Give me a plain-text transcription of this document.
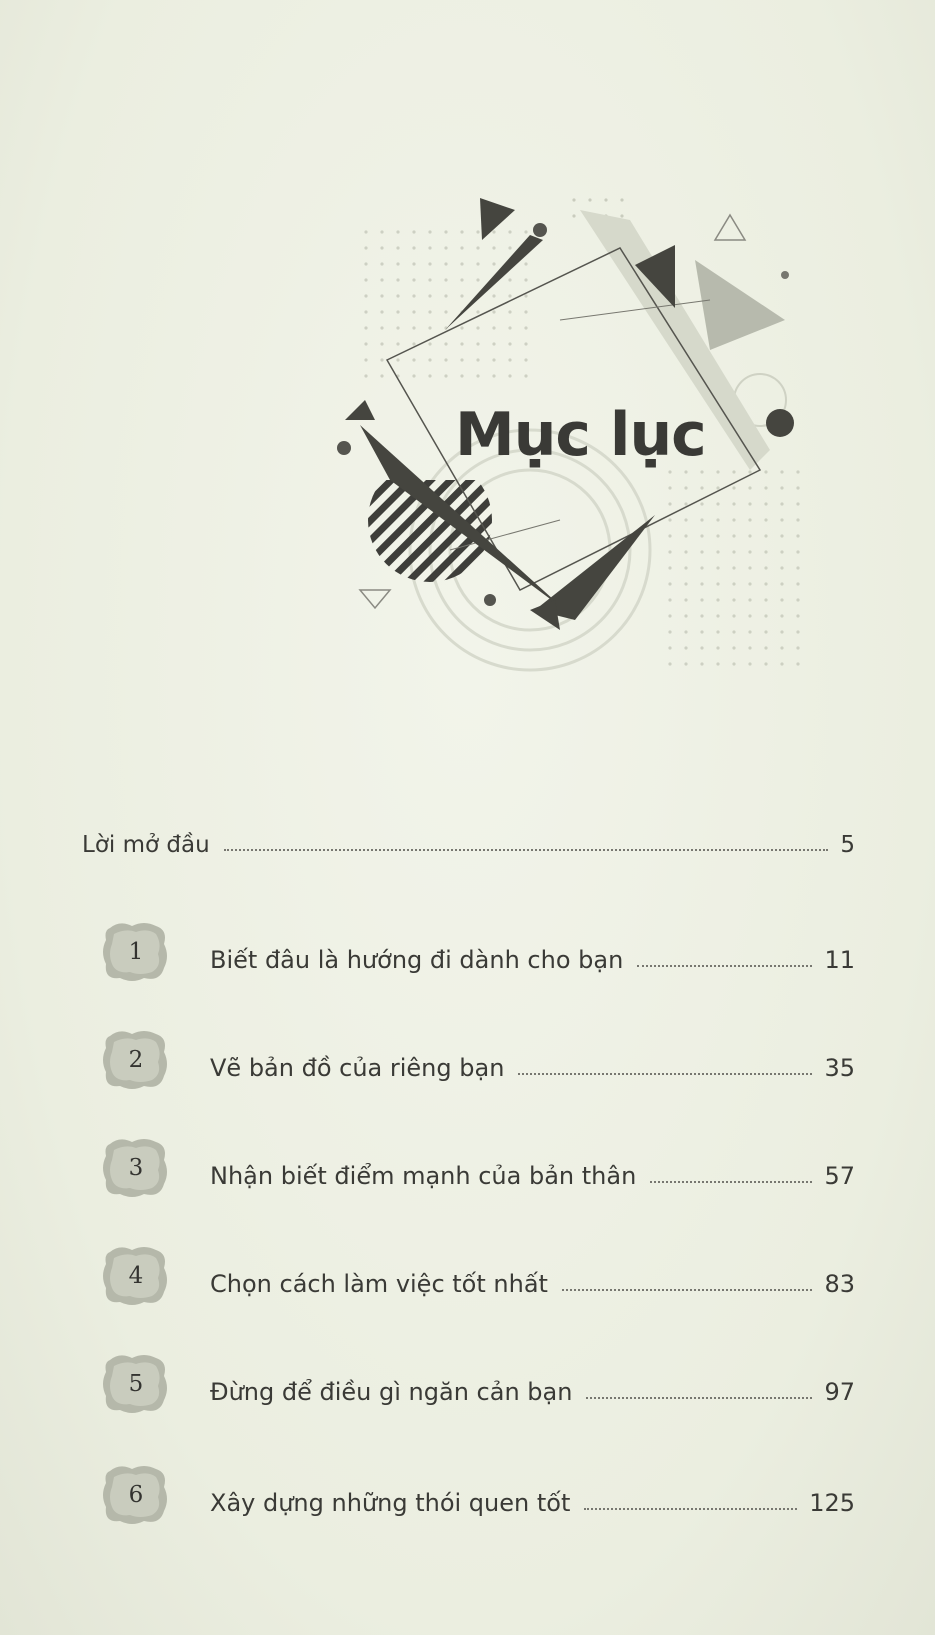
Mục lục
Lời mở đầu	5
1	Biết đâu là hướng đi dành cho bạn	11
2	Vẽ bản đồ của riêng bạn	35
3	Nhận biết điểm mạnh của bản thân	57
4	Chọn cách làm việc tốt nhất	83
5	Đừng để điều gì ngăn cản bạn	97
6	Xây dựng những thói quen tốt	125
